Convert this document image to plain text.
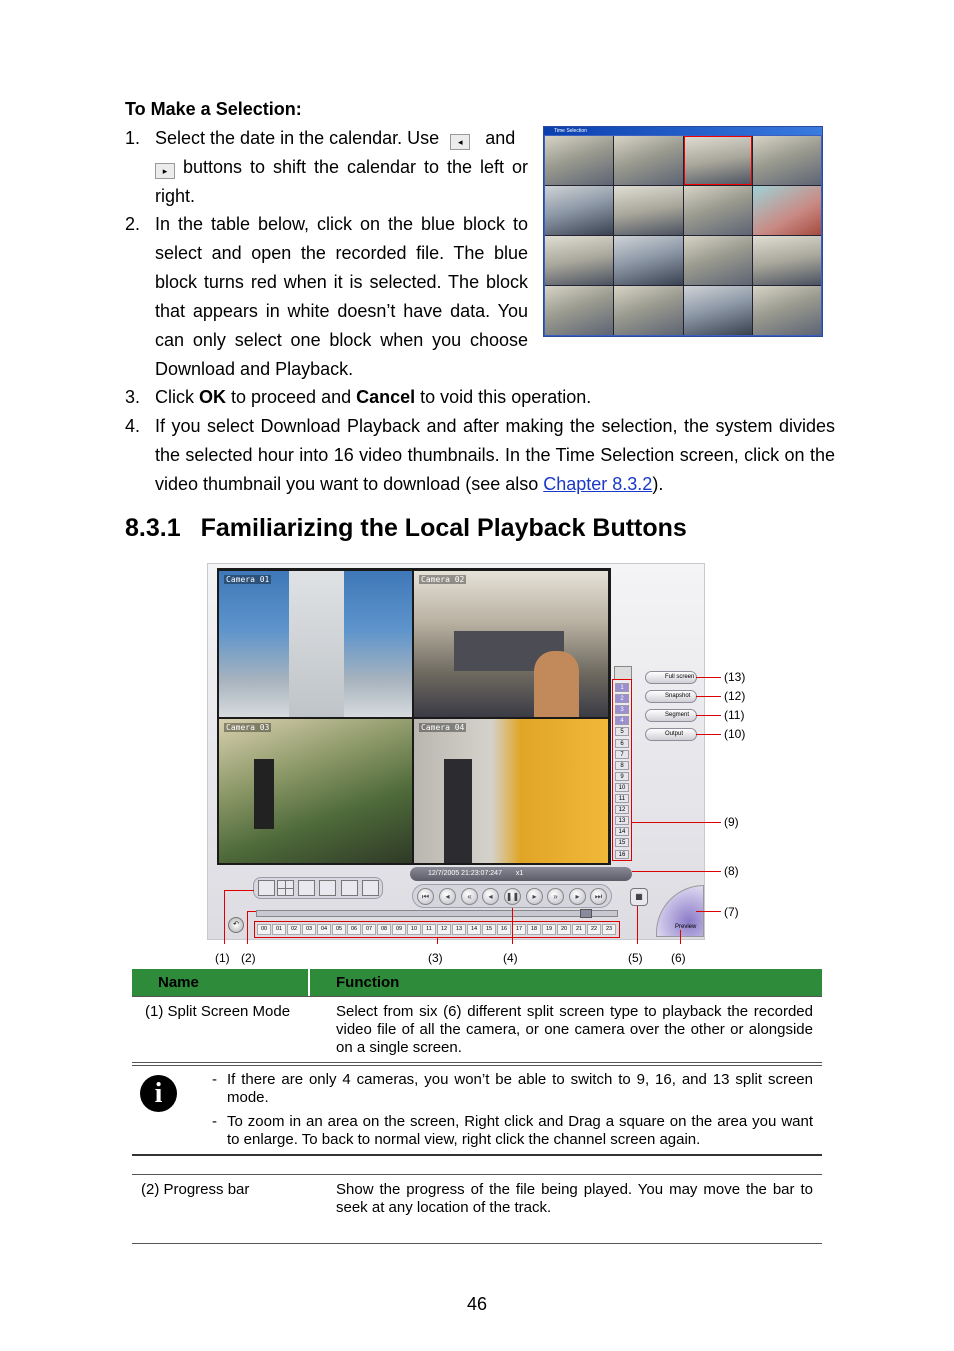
To Make a Selection:
1. Select the date in the calendar. Use ◂ and
▸ buttons to shift the calendar to the left or right.
2. In the table below, click on the blue block to select and open the recorded file. The blue block turns red when it is selected. The block that appears in white doesn’t have data. You can only select one block when you choose Download and Playback.
3. Click OK to proceed and Cancel to void this operation.
4. If you select Download Playback and after making the selection, the system divides the selected hour into 16 video thumbnails. In the Time Selection screen, click on the video thumbnail you want to download (see also Chapter 8.3.2).
Time Selection
8.3.1 Familiarizing the Local Playback Buttons
Camera 01	Camera 02
Camera 03	Camera 04
1
2
3
4
5
6
7
8
9
10
11
12
13
14
15
16
Full screen
Snapshot
Segment
Output
12/7/2005 21:23:07:247 x1
⏮	◂	«	◂	❚❚	▸	»	▸	⏭	▦
↶
00	01	02	03	04	05	06	07	08	09	10	11	12	13	14	15	16	17	18	19	20	21	22	23	Preview
(13)
(12)
(11)
(10)
(9)
(8)
(7)
(1) (2)	(3)	(4)	(5) (6)
Name	Function
(1) Split Screen Mode	Select from six (6) different split screen type to playback the recorded video file of all the camera, or one camera over the other or alongside on a single screen.
i	- If there are only 4 cameras, you won’t be able to switch to 9, 16, and 13 split screen mode.
- To zoom in an area on the screen, Right click and Drag a square on the area you want to enlarge. To back to normal view, right click the channel screen again.
(2) Progress bar	Show the progress of the file being played. You may move the bar to seek at any location of the track.
46
